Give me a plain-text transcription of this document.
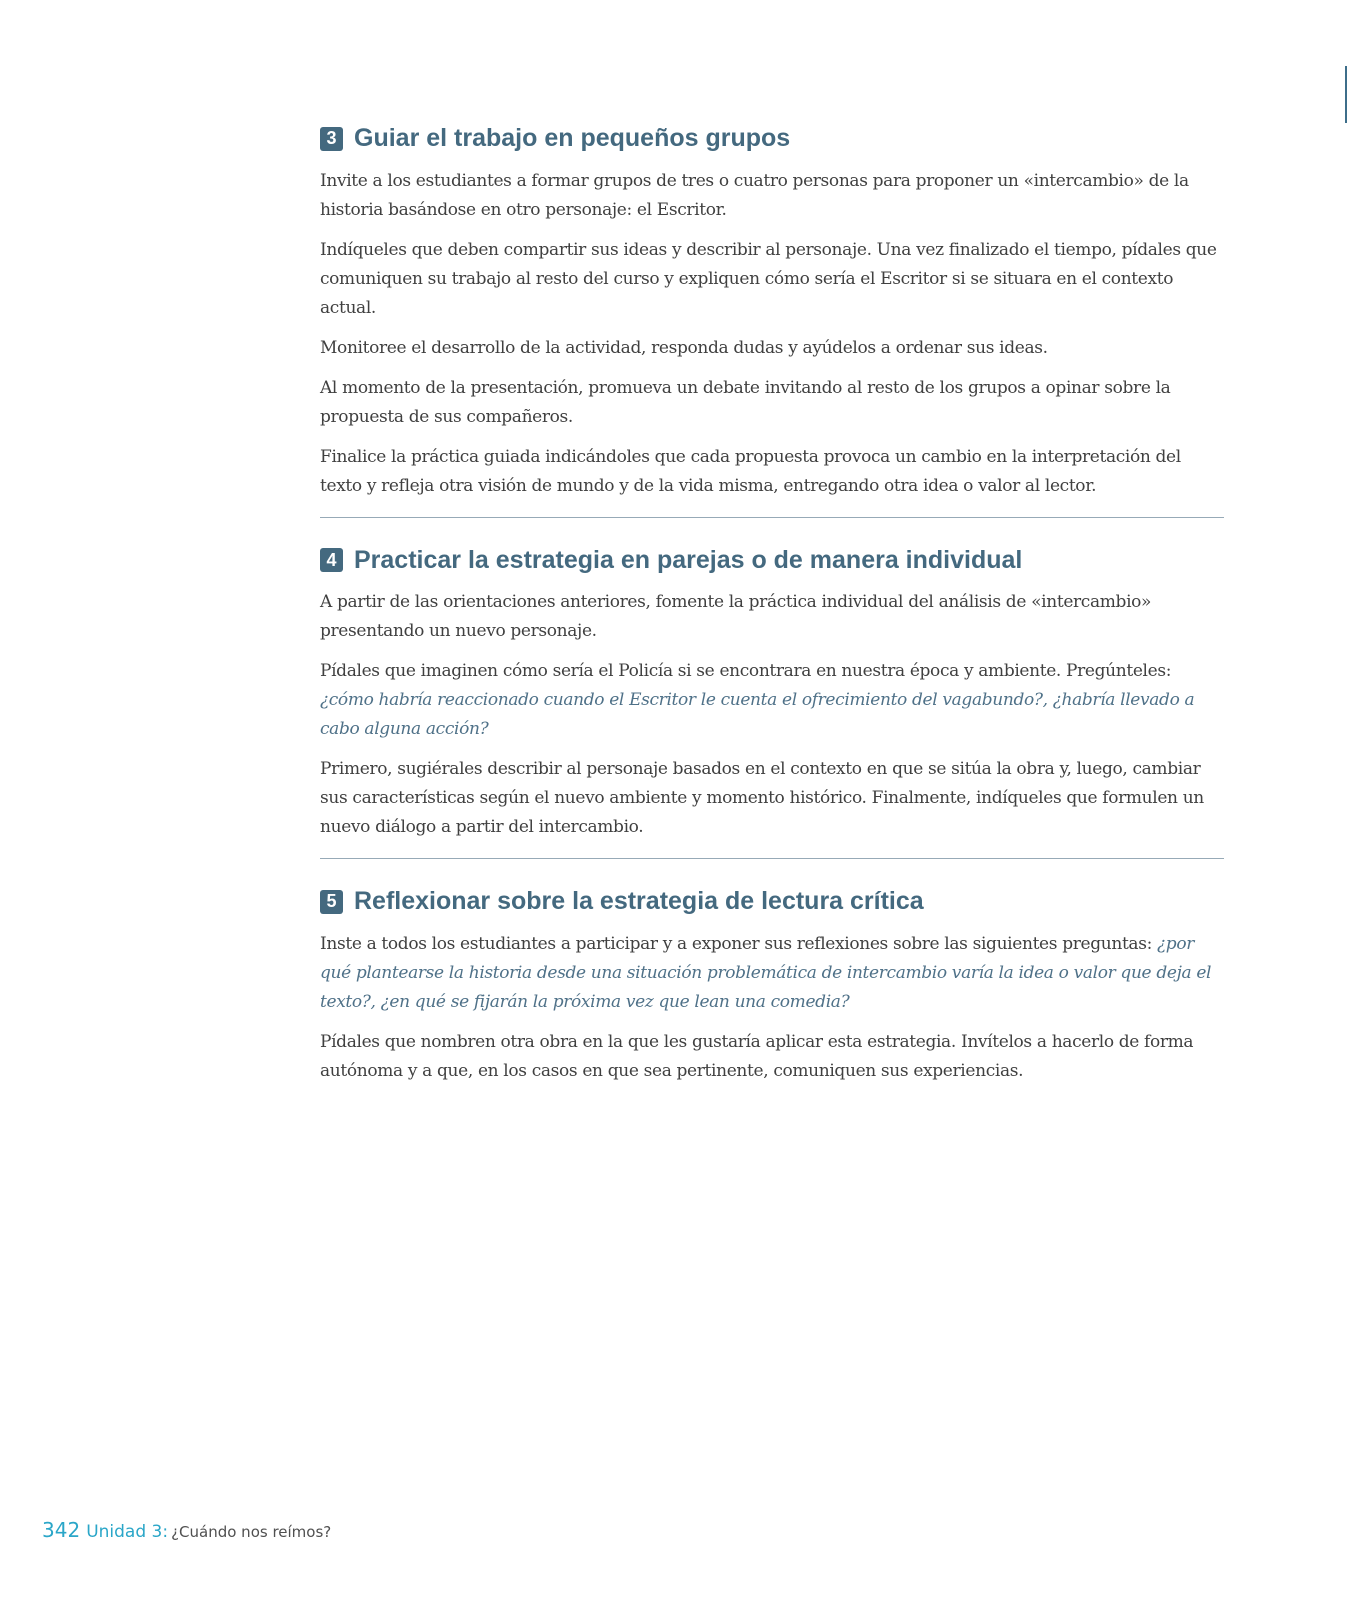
3 Guiar el trabajo en pequeños grupos

Invite a los estudiantes a formar grupos de tres o cuatro personas para proponer un «intercambio» de la historia basándose en otro personaje: el Escritor.

Indíqueles que deben compartir sus ideas y describir al personaje. Una vez finalizado el tiempo, pídales que comuniquen su trabajo al resto del curso y expliquen cómo sería el Escritor si se situara en el contexto actual.

Monitoree el desarrollo de la actividad, responda dudas y ayúdelos a ordenar sus ideas.

Al momento de la presentación, promueva un debate invitando al resto de los grupos a opinar sobre la propuesta de sus compañeros.

Finalice la práctica guiada indicándoles que cada propuesta provoca un cambio en la interpretación del texto y refleja otra visión de mundo y de la vida misma, entregando otra idea o valor al lector.

4 Practicar la estrategia en parejas o de manera individual

A partir de las orientaciones anteriores, fomente la práctica individual del análisis de «intercambio» presentando un nuevo personaje.

Pídales que imaginen cómo sería el Policía si se encontrara en nuestra época y ambiente. Pregúnteles: ¿cómo habría reaccionado cuando el Escritor le cuenta el ofrecimiento del vagabundo?, ¿habría llevado a cabo alguna acción?

Primero, sugiérales describir al personaje basados en el contexto en que se sitúa la obra y, luego, cambiar sus características según el nuevo ambiente y momento histórico. Finalmente, indíqueles que formulen un nuevo diálogo a partir del intercambio.

5 Reflexionar sobre la estrategia de lectura crítica

Inste a todos los estudiantes a participar y a exponer sus reflexiones sobre las siguientes preguntas: ¿por qué plantearse la historia desde una situación problemática de intercambio varía la idea o valor que deja el texto?, ¿en qué se fijarán la próxima vez que lean una comedia?

Pídales que nombren otra obra en la que les gustaría aplicar esta estrategia. Invítelos a hacerlo de forma autónoma y a que, en los casos en que sea pertinente, comuniquen sus experiencias.

342 Unidad 3: ¿Cuándo nos reímos?
